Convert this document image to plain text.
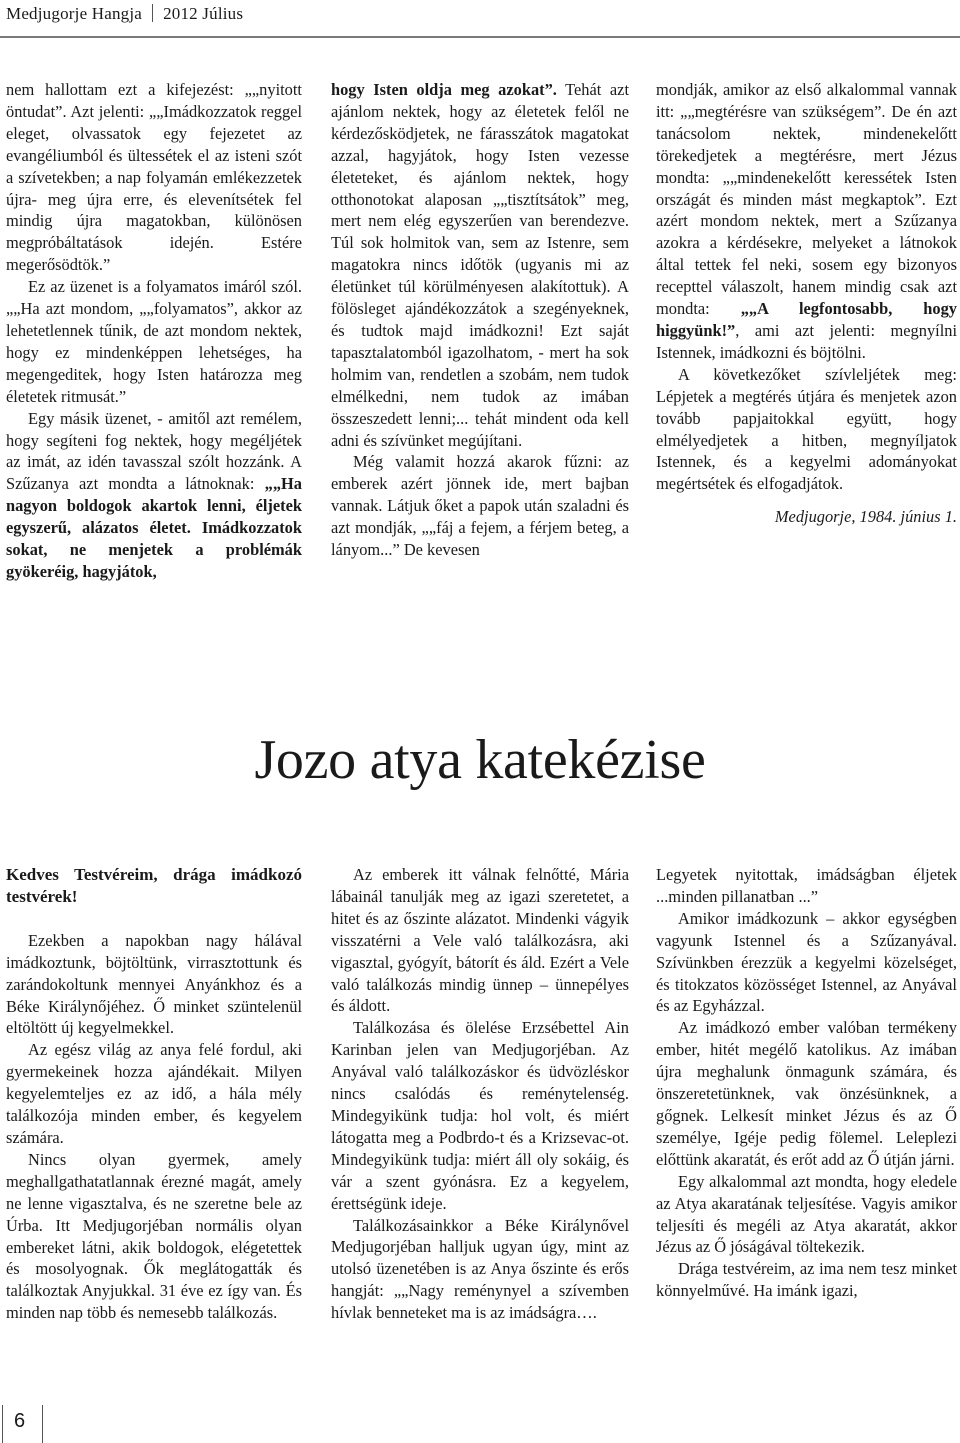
Medjugorje Hangja 2012 Július

nem hallottam ezt a kifejezést: „„nyitott öntudat”. Azt jelenti: „„Imádkozzatok reggel eleget, olvassatok egy fejezetet az evangéliumból és ültessétek el az isteni szót a szívetekben; a nap folyamán emlékezzetek újra- meg újra erre, és elevenítsétek fel mindig újra magatokban, különösen megpróbáltatások idején. Estére megerősödtök.”

Ez az üzenet is a folyamatos imáról szól. „„Ha azt mondom, „„folyamatos”, akkor az lehetetlennek tűnik, de azt mondom nektek, hogy ez mindenképpen lehetséges, ha megengeditek, hogy Isten határozza meg életetek ritmusát.”

Egy másik üzenet, - amitől azt remélem, hogy segíteni fog nektek, hogy megéljétek az imát, az idén tavasszal szólt hozzánk. A Szűzanya azt mondta a látnoknak: „„Ha nagyon boldogok akartok lenni, éljetek egyszerű, alázatos életet. Imádkozzatok sokat, ne menjetek a problémák gyökeréig, hagyjátok,

hogy Isten oldja meg azokat”. Tehát azt ajánlom nektek, hogy az életetek felől ne kérdezősködjetek, ne fárasszátok magatokat azzal, hagyjátok, hogy Isten vezesse életeteket, és ajánlom nektek, hogy otthonotokat alaposan „„tisztítsátok” meg, mert nem elég egyszerűen van berendezve. Túl sok holmitok van, sem az Istenre, sem magatokra nincs időtök (ugyanis mi az életünket túl körülményesen alakítottuk). A fölösleget ajándékozzátok a szegényeknek, és tudtok majd imádkozni! Ezt saját tapasztalatomból igazolhatom, - mert ha sok holmim van, rendetlen a szobám, nem tudok elmélkedni, nem tudok az imában összeszedett lenni;... tehát mindent oda kell adni és szívünket megújítani.

Még valamit hozzá akarok fűzni: az emberek azért jönnek ide, mert bajban vannak. Látjuk őket a papok után szaladni és azt mondják, „„fáj a fejem, a férjem beteg, a lányom...” De kevesen

mondják, amikor az első alkalommal vannak itt: „„megtérésre van szükségem”. De én azt tanácsolom nektek, mindenekelőtt törekedjetek a megtérésre, mert Jézus mondta: „„mindenekelőtt keressétek Isten országát és minden mást megkaptok”. Ezt azért mondom nektek, mert a Szűzanya azokra a kérdésekre, melyeket a látnokok által tettek fel neki, sosem egy bizonyos recepttel válaszolt, hanem mindig csak azt mondta: „„A legfontosabb, hogy higgyünk!”, ami azt jelenti: megnyílni Istennek, imádkozni és böjtölni.

A következőket szívleljétek meg: Lépjetek a megtérés útjára és menjetek azon tovább papjaitokkal együtt, hogy elmélyedjetek a hitben, megnyíljatok Istennek, és a kegyelmi adományokat megértsétek és elfogadjátok.

Medjugorje, 1984. június 1.

Jozo atya katekézise

Kedves Testvéreim, drága imádkozó testvérek!

Ezekben a napokban nagy hálával imádkoztunk, böjtöltünk, virrasztottunk és zarándokoltunk mennyei Anyánkhoz és a Béke Királynőjéhez. Ő minket szüntelenül eltöltött új kegyelmekkel.

Az egész világ az anya felé fordul, aki gyermekeinek hozza ajándékait. Milyen kegyelemteljes ez az idő, a hála mély találkozója minden ember, és kegyelem számára.

Nincs olyan gyermek, amely meghallgathatatlannak érezné magát, amely ne lenne vigasztalva, és ne szeretne bele az Úrba. Itt Medjugorjéban normális olyan embereket látni, akik boldogok, elégetettek és mosolyognak. Ők meglátogatták és találkoztak Anyjukkal. 31 éve ez így van. És minden nap több és nemesebb találkozás.

Az emberek itt válnak felnőtté, Mária lábainál tanulják meg az igazi szeretetet, a hitet és az őszinte alázatot. Mindenki vágyik visszatérni a Vele való találkozásra, aki vigasztal, gyógyít, bátorít és áld. Ezért a Vele való találkozás mindig ünnep – ünnepélyes és áldott.

Találkozása és ölelése Erzsébettel Ain Karinban jelen van Medjugorjéban. Az Anyával való találkozáskor és üdvözléskor nincs csalódás és reménytelenség. Mindegyikünk tudja: hol volt, és miért látogatta meg a Podbrdo-t és a Krizsevac-ot. Mindegyikünk tudja: miért áll oly sokáig, és vár a szent gyónásra. Ez a kegyelem, érettségünk ideje.

Találkozásainkkor a Béke Királynővel Medjugorjéban halljuk ugyan úgy, mint az utolsó üzenetében is az Anya őszinte és erős hangját: „„Nagy reménynyel a szívemben hívlak benneteket ma is az imádságra….

Legyetek nyitottak, imádságban éljetek ...minden pillanatban ...”

Amikor imádkozunk – akkor egységben vagyunk Istennel és a Szűzanyával. Szívünkben érezzük a kegyelmi közelséget, és titokzatos közösséget Istennel, az Anyával és az Egyházzal.

Az imádkozó ember valóban termékeny ember, hitét megélő katolikus. Az imában újra meghalunk önmagunk számára, és önszeretetünknek, vak önzésünknek, a gőgnek. Lelkesít minket Jézus és az Ő személye, Igéje pedig fölemel. Leleplezi előttünk akaratát, és erőt add az Ő útján járni.

Egy alkalommal azt mondta, hogy eledele az Atya akaratának teljesítése. Vagyis amikor teljesíti és megéli az Atya akaratát, akkor Jézus az Ő jóságával töltekezik.

Drága testvéreim, az ima nem tesz minket könnyelművé. Ha imánk igazi,

6
